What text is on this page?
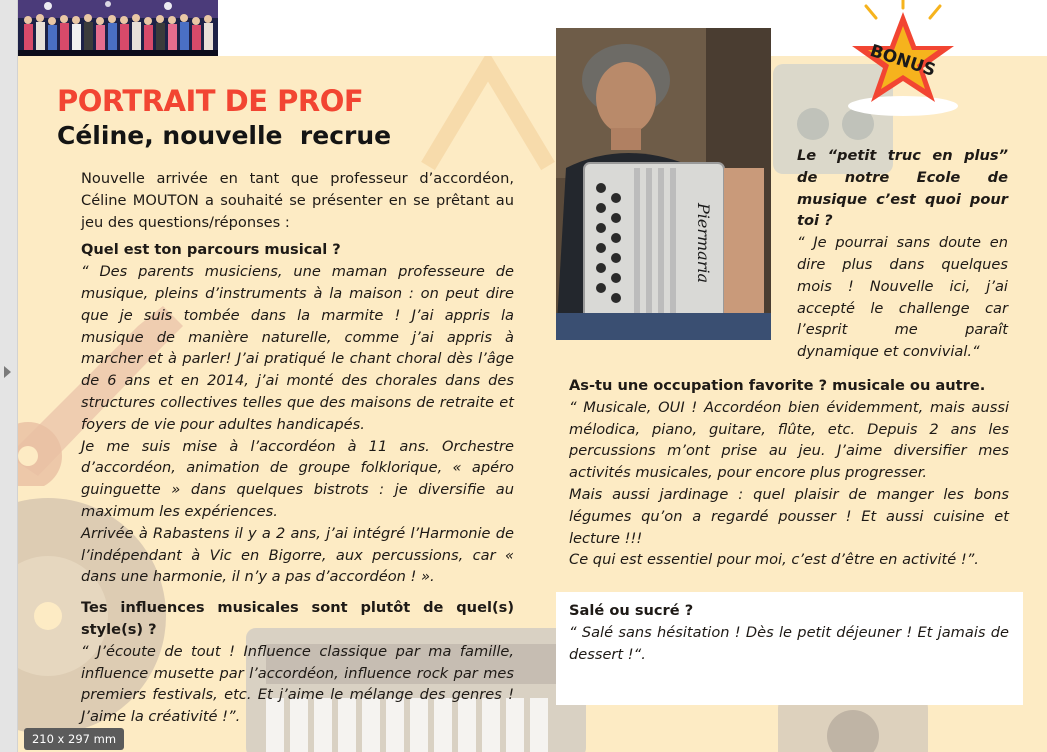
Piermaria
BONUS
PORTRAIT DE PROF
Céline, nouvelle  recrue

Nouvelle arrivée en tant que professeur d’accordéon, Céline MOUTON a souhaité se présenter en se prêtant au jeu des questions/réponses :

Quel est ton parcours musical ?

“ Des parents musiciens, une maman professeure de musique, pleins d’instruments à la maison : on peut dire que je suis tombée dans la marmite ! J’ai appris la musique de manière naturelle, comme j’ai appris à marcher et à parler! J’ai pratiqué le chant choral dès l’âge de 6 ans et en 2014, j’ai monté des chorales dans des structures collectives telles que des maisons de retraite et foyers de vie pour adultes handicapés.

Je me suis mise à l’accordéon à 11 ans. Orchestre d’accordéon, animation de groupe folklorique, « apéro guinguette » dans quelques bistrots : je diversifie au maximum les expériences.

Arrivée à Rabastens il y a 2 ans, j’ai intégré l’Harmonie de l’indépendant à Vic en Bigorre, aux percussions, car « dans une harmonie, il n’y a pas d’accordéon ! ».

Tes influences musicales sont plutôt de quel(s) style(s) ?

“ J’écoute de tout ! Influence classique par ma famille, influence musette par l’accordéon, influence rock par mes premiers festivals, etc. Et j’aime le mélange des genres ! J’aime la créativité !”.

Le “petit truc en plus” de notre Ecole de musique c’est quoi pour toi ?

“ Je pourrai sans doute en dire plus dans quelques mois ! Nouvelle ici, j’ai accepté le challenge car l’esprit me paraît dynamique et convivial.“

As-tu une occupation favorite ? musicale ou autre.

“ Musicale, OUI ! Accordéon bien évidemment, mais aussi mélodica, piano, guitare, flûte, etc. Depuis 2 ans les percussions m’ont prise au jeu. J’aime diversifier mes activités musicales, pour encore plus progresser.

Mais aussi jardinage : quel plaisir de manger les bons légumes qu’on a regardé pousser ! Et aussi cuisine et lecture !!!

Ce qui est essentiel pour moi, c’est d’être en activité !”.

Salé ou sucré ?

“ Salé sans hésitation ! Dès le petit déjeuner ! Et jamais de dessert !“.

210 x 297 mm
